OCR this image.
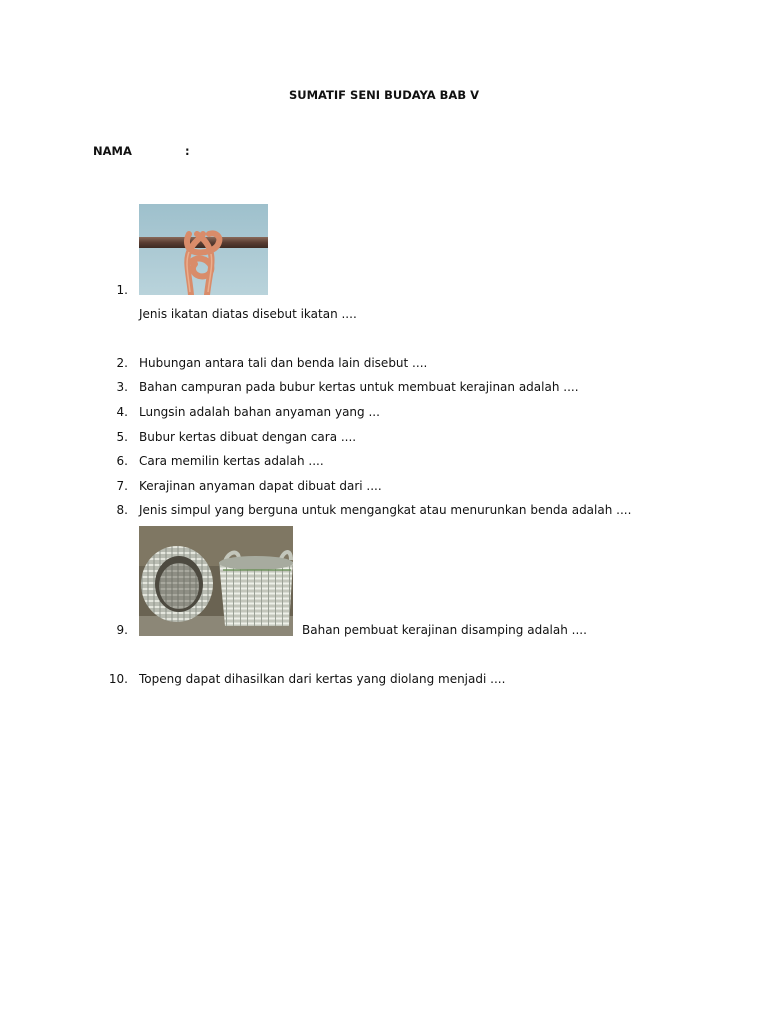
SUMATIF SENI BUDAYA BAB V
NAMA	:
1.
Jenis ikatan diatas disebut ikatan ....
2. Hubungan antara tali dan benda lain disebut ....
3. Bahan campuran pada bubur kertas untuk membuat kerajinan adalah ....
4. Lungsin adalah bahan anyaman yang ...
5. Bubur kertas dibuat dengan cara ....
6. Cara memilin kertas adalah ....
7. Kerajinan anyaman dapat dibuat dari ....
8. Jenis simpul yang berguna untuk mengangkat atau menurunkan benda adalah ....
9.	Bahan pembuat kerajinan disamping adalah ....
10. Topeng dapat dihasilkan dari kertas yang diolang menjadi ....
